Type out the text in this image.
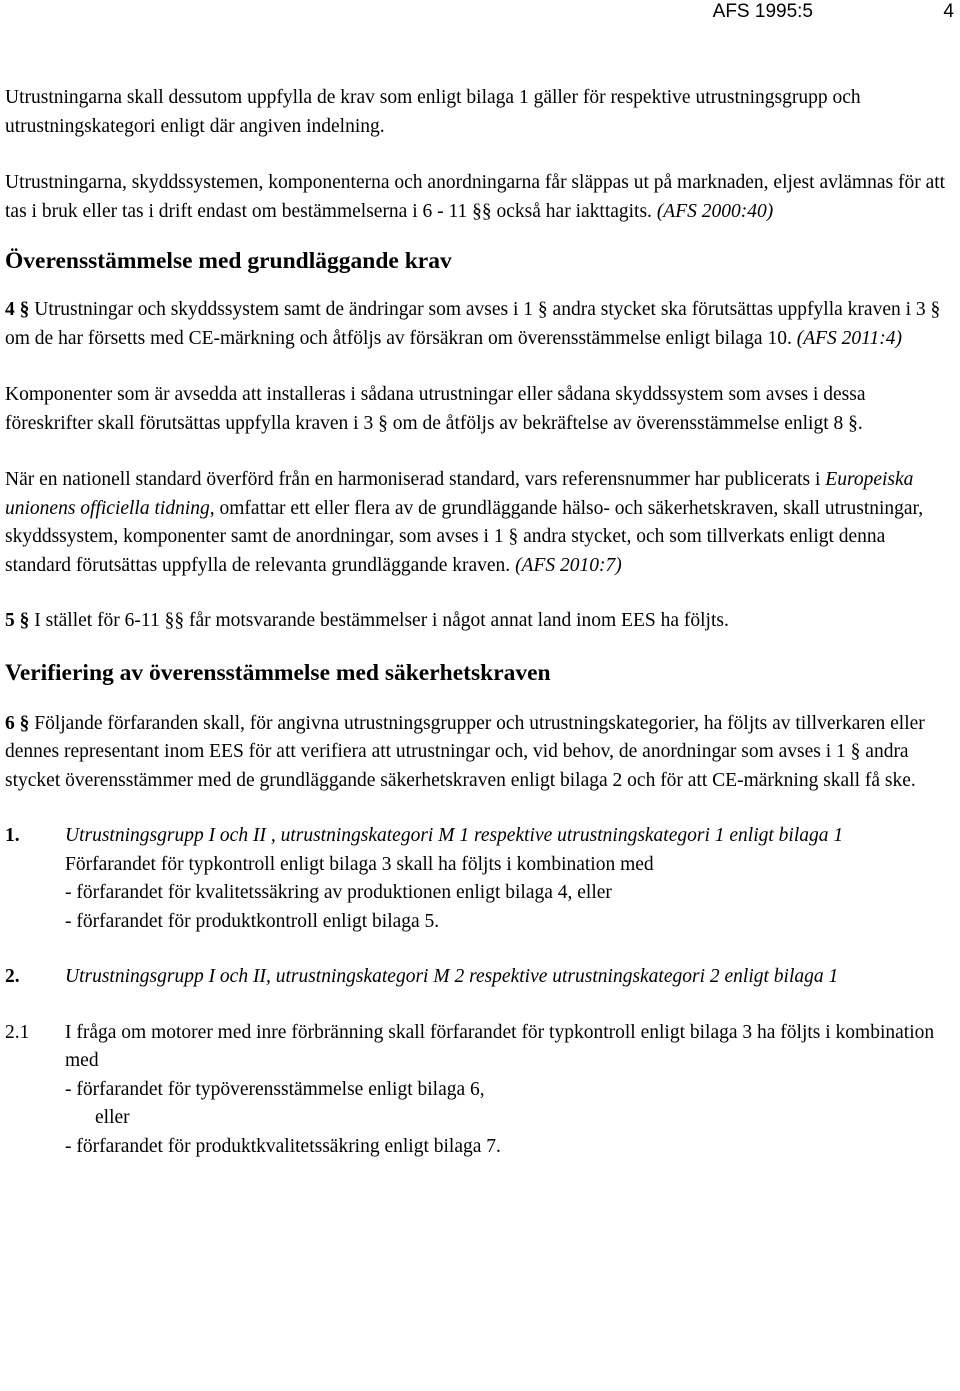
AFS 1995:5	4

Utrustningarna skall dessutom uppfylla de krav som enligt bilaga 1 gäller för respektive utrustningsgrupp och utrustningskategori enligt där angiven indelning.

Utrustningarna, skyddssystemen, komponenterna och anordningarna får släppas ut på marknaden, eljest avlämnas för att tas i bruk eller tas i drift endast om bestämmelserna i 6 - 11 §§ också har iakttagits. (AFS 2000:40)

Överensstämmelse med grundläggande krav

4 § Utrustningar och skyddssystem samt de ändringar som avses i 1 § andra stycket ska förutsättas uppfylla kraven i 3 § om de har försetts med CE-märkning och åtföljs av försäkran om överensstämmelse enligt bilaga 10. (AFS 2011:4)

Komponenter som är avsedda att installeras i sådana utrustningar eller sådana skyddssystem som avses i dessa föreskrifter skall förutsättas uppfylla kraven i 3 § om de åtföljs av bekräftelse av överensstämmelse enligt 8 §.

När en nationell standard överförd från en harmoniserad standard, vars referensnummer har publicerats i Europeiska unionens officiella tidning, omfattar ett eller flera av de grundläggande hälso- och säkerhetskraven, skall utrustningar, skyddssystem, komponenter samt de anordningar, som avses i 1 § andra stycket, och som tillverkats enligt denna standard förutsättas uppfylla de relevanta grundläggande kraven. (AFS 2010:7)

5 § I stället för 6-11 §§ får motsvarande bestämmelser i något annat land inom EES ha följts.

Verifiering av överensstämmelse med säkerhetskraven

6 § Följande förfaranden skall, för angivna utrustningsgrupper och utrustningskategorier, ha följts av tillverkaren eller dennes representant inom EES för att verifiera att utrustningar och, vid behov, de anordningar som avses i 1 § andra stycket överensstämmer med de grundläggande säkerhetskraven enligt bilaga 2 och för att CE-märkning skall få ske.

1. Utrustningsgrupp I och II , utrustningskategori M 1 respektive utrustningskategori 1 enligt bilaga 1

Förfarandet för typkontroll enligt bilaga 3 skall ha följts i kombination med

- förfarandet för kvalitetssäkring av produktionen enligt bilaga 4, eller

- förfarandet för produktkontroll enligt bilaga 5.

2. Utrustningsgrupp I och II, utrustningskategori M 2 respektive utrustningskategori 2 enligt bilaga 1

2.1 I fråga om motorer med inre förbränning skall förfarandet för typkontroll enligt bilaga 3 ha följts i kombination med

- förfarandet för typöverensstämmelse enligt bilaga 6,

eller

- förfarandet för produktkvalitetssäkring enligt bilaga 7.
